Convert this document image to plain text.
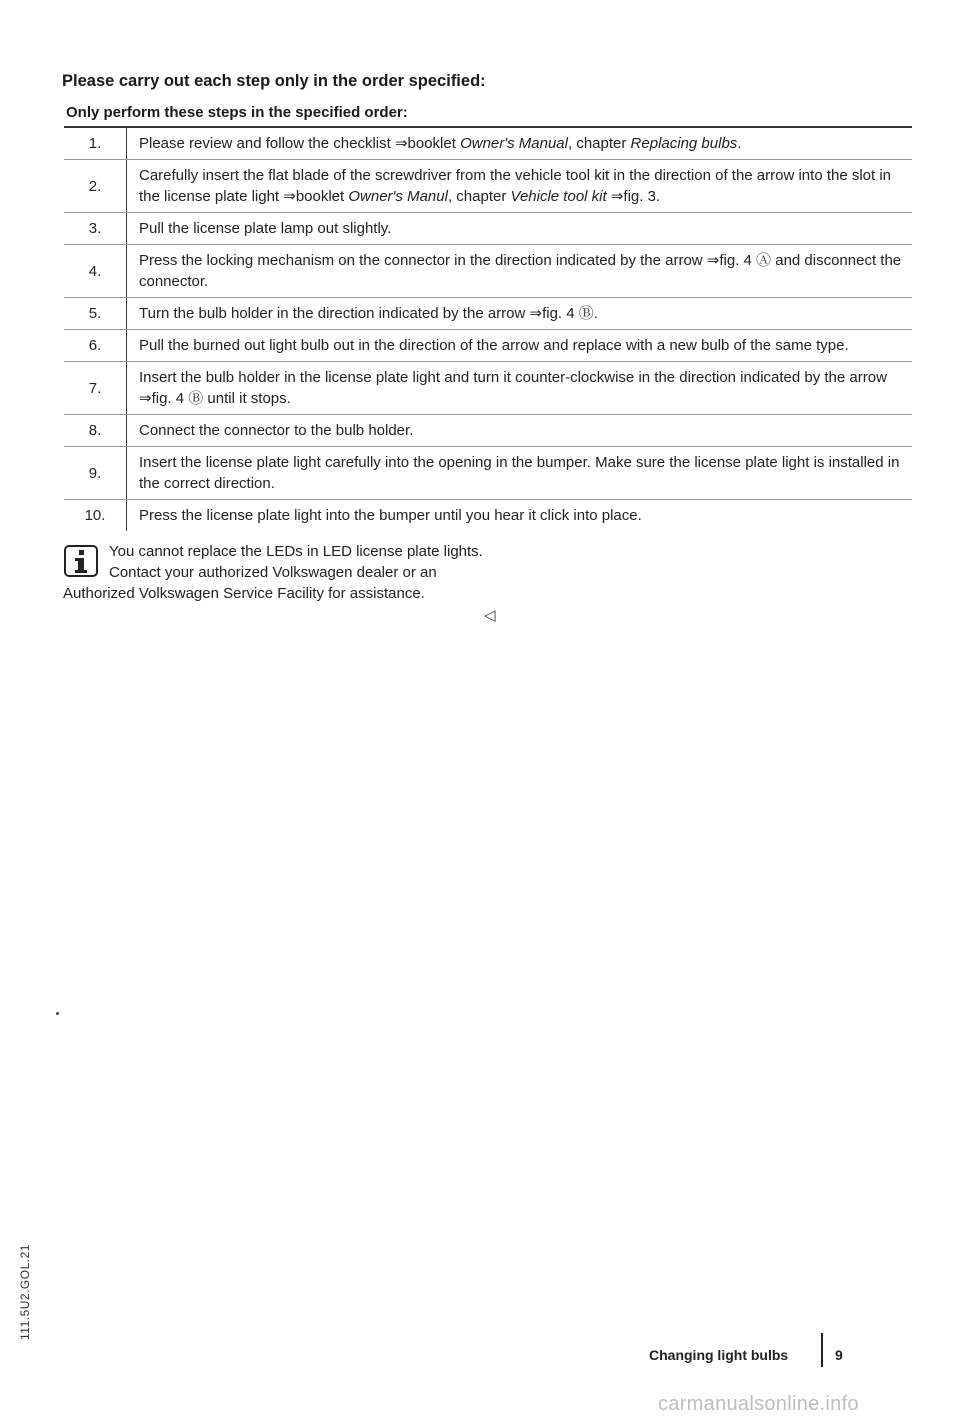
111.5U2.GOL.21
Please carry out each step only in the order specified:
Only perform these steps in the specified order:
1.	Please review and follow the checklist ⇒booklet Owner's Manual, chapter Replacing bulbs.
2.	Carefully insert the flat blade of the screwdriver from the vehicle tool kit in the direction of the arrow into the slot in the license plate light ⇒booklet Owner's Manul, chapter Vehicle tool kit ⇒fig. 3.
3.	Pull the license plate lamp out slightly.
4.	Press the locking mechanism on the connector in the direction indicated by the arrow ⇒fig. 4 Ⓐ and disconnect the connector.
5.	Turn the bulb holder in the direction indicated by the arrow ⇒fig. 4 Ⓑ.
6.	Pull the burned out light bulb out in the direction of the arrow and replace with a new bulb of the same type.
7.	Insert the bulb holder in the license plate light and turn it counter-clockwise in the direction indicated by the arrow ⇒fig. 4 Ⓑ until it stops.
8.	Connect the connector to the bulb holder.
9.	Insert the license plate light carefully into the opening in the bumper. Make sure the license plate light is installed in the correct direction.
10.	Press the license plate light into the bumper until you hear it click into place.
You cannot replace the LEDs in LED license plate lights. Contact your authorized Volkswagen dealer or an Authorized Volkswagen Service Facility for assistance.
◁
Changing light bulbs	9
carmanualsonline.info
